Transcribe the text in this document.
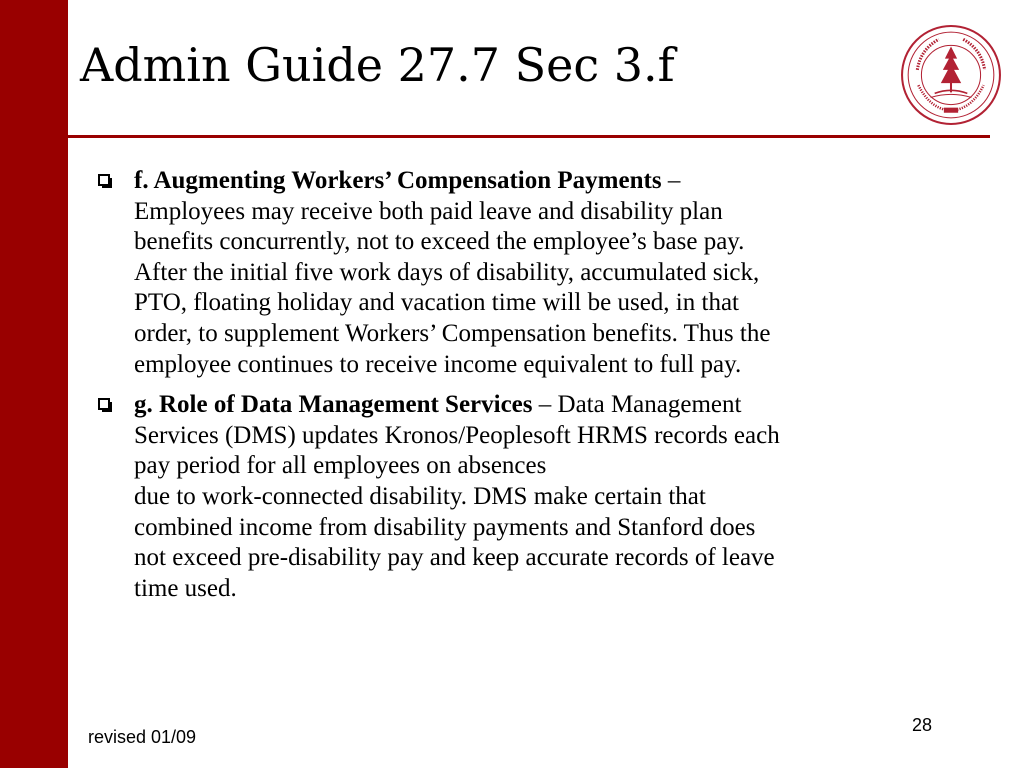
Admin Guide 27.7 Sec 3.f
f. Augmenting Workers’ Compensation Payments –
Employees may receive both paid leave and disability plan
benefits concurrently, not to exceed the employee’s base pay.
After the initial five work days of disability, accumulated sick,
PTO, floating holiday and vacation time will be used, in that
order, to supplement Workers’ Compensation benefits. Thus the
employee continues to receive income equivalent to full pay.
g. Role of Data Management Services – Data Management
Services (DMS) updates Kronos/Peoplesoft HRMS records each
pay period for all employees on absences
due to work-connected disability. DMS make certain that
combined income from disability payments and Stanford does
not exceed pre-disability pay and keep accurate records of leave
time used.
revised 01/09
28
